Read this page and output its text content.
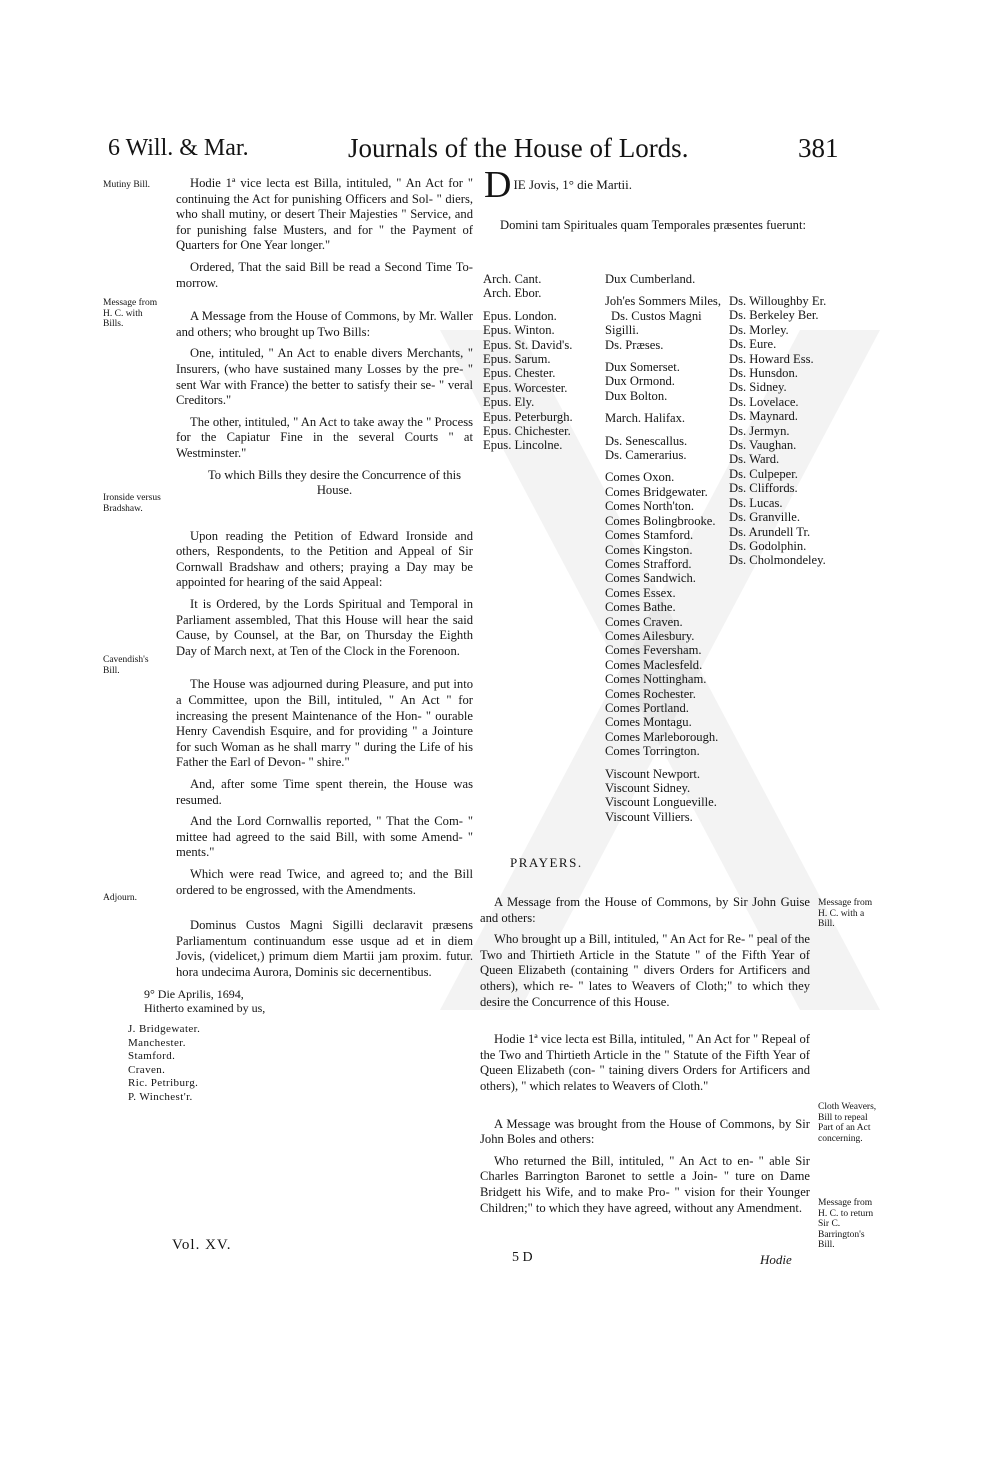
6 Will. & Mar.	Journals of the House of Lords.	381
Mutiny Bill.
Message from H. C. with Bills.
Ironside versus Bradshaw.
Cavendish's Bill.
Adjourn.

Hodie 1ª vice lecta est Billa, intituled, " An Act for " continuing the Act for punishing Officers and Sol- " diers, who shall mutiny, or desert Their Majesties " Service, and for punishing false Musters, and for " the Payment of Quarters for One Year longer."

Ordered, That the said Bill be read a Second Time To-morrow.

A Message from the House of Commons, by Mr. Waller and others; who brought up Two Bills:

One, intituled, " An Act to enable divers Merchants, " Insurers, (who have sustained many Losses by the pre- " sent War with France) the better to satisfy their se- " veral Creditors."

The other, intituled, " An Act to take away the " Process for the Capiatur Fine in the several Courts " at Westminster."

To which Bills they desire the Concurrence of this House.

Upon reading the Petition of Edward Ironside and others, Respondents, to the Petition and Appeal of Sir Cornwall Bradshaw and others; praying a Day may be appointed for hearing of the said Appeal:

It is Ordered, by the Lords Spiritual and Temporal in Parliament assembled, That this House will hear the said Cause, by Counsel, at the Bar, on Thursday the Eighth Day of March next, at Ten of the Clock in the Forenoon.

The House was adjourned during Pleasure, and put into a Committee, upon the Bill, intituled, " An Act " for increasing the present Maintenance of the Hon- " ourable Henry Cavendish Esquire, and for providing " a Jointure for such Woman as he shall marry " during the Life of his Father the Earl of Devon- " shire."

And, after some Time spent therein, the House was resumed.

And the Lord Cornwallis reported, " That the Com- " mittee had agreed to the said Bill, with some Amend- " ments."

Which were read Twice, and agreed to; and the Bill ordered to be engrossed, with the Amendments.

Dominus Custos Magni Sigilli declaravit præsens Parliamentum continuandum esse usque ad et in diem Jovis, (videlicet,) primum diem Martii jam proxim. futur. hora undecima Aurora, Dominis sic decernentibus.

9° Die Aprilis, 1694,
Hitherto examined by us,
J. Bridgewater.
Manchester.
Stamford.
Craven.
Ric. Petriburg.
P. Winchest'r.
Vol. XV.
D IE Jovis, 1° die Martii.
Domini tam Spirituales quam Temporales præsentes fuerunt:
Arch. Cant.
Arch. Ebor.
Epus. London.
Epus. Winton.
Epus. St. David's.
Epus. Sarum.
Epus. Chester.
Epus. Worcester.
Epus. Ely.
Epus. Peterburgh.
Epus. Chichester.
Epus. Lincolne.
Dux Cumberland.
Joh'es Sommers Miles,
Ds. Custos Magni
Sigilli.
Ds. Præses.
Dux Somerset.
Dux Ormond.
Dux Bolton.
March. Halifax.
Ds. Senescallus.
Ds. Camerarius.
Comes Oxon.
Comes Bridgewater.
Comes North'ton.
Comes Bolingbrooke.
Comes Stamford.
Comes Kingston.
Comes Strafford.
Comes Sandwich.
Comes Essex.
Comes Bathe.
Comes Craven.
Comes Ailesbury.
Comes Feversham.
Comes Maclesfeld.
Comes Nottingham.
Comes Rochester.
Comes Portland.
Comes Montagu.
Comes Marleborough.
Comes Torrington.
Viscount Newport.
Viscount Sidney.
Viscount Longueville.
Viscount Villiers.
Ds. Willoughby Er.
Ds. Berkeley Ber.
Ds. Morley.
Ds. Eure.
Ds. Howard Ess.
Ds. Hunsdon.
Ds. Sidney.
Ds. Lovelace.
Ds. Maynard.
Ds. Jermyn.
Ds. Vaughan.
Ds. Ward.
Ds. Culpeper.
Ds. Cliffords.
Ds. Lucas.
Ds. Granville.
Ds. Arundell Tr.
Ds. Godolphin.
Ds. Cholmondeley.
PRAYERS.
Message from H. C. with a Bill.
Cloth Weavers, Bill to repeal Part of an Act concerning.
Message from H. C. to return Sir C. Barrington's Bill.

A Message from the House of Commons, by Sir John Guise and others:

Who brought up a Bill, intituled, " An Act for Re- " peal of the Two and Thirtieth Article in the Statute " of the Fifth Year of Queen Elizabeth (containing " divers Orders for Artificers and others), which re- " lates to Weavers of Cloth;" to which they desire the Concurrence of this House.

Hodie 1ª vice lecta est Billa, intituled, " An Act for " Repeal of the Two and Thirtieth Article in the " Statute of the Fifth Year of Queen Elizabeth (con- " taining divers Orders for Artificers and others), " which relates to Weavers of Cloth."

A Message was brought from the House of Commons, by Sir John Boles and others:

Who returned the Bill, intituled, " An Act to en- " able Sir Charles Barrington Baronet to settle a Join- " ture on Dame Bridgett his Wife, and to make Pro- " vision for their Younger Children;" to which they have agreed, without any Amendment.

5 D	Hodie
